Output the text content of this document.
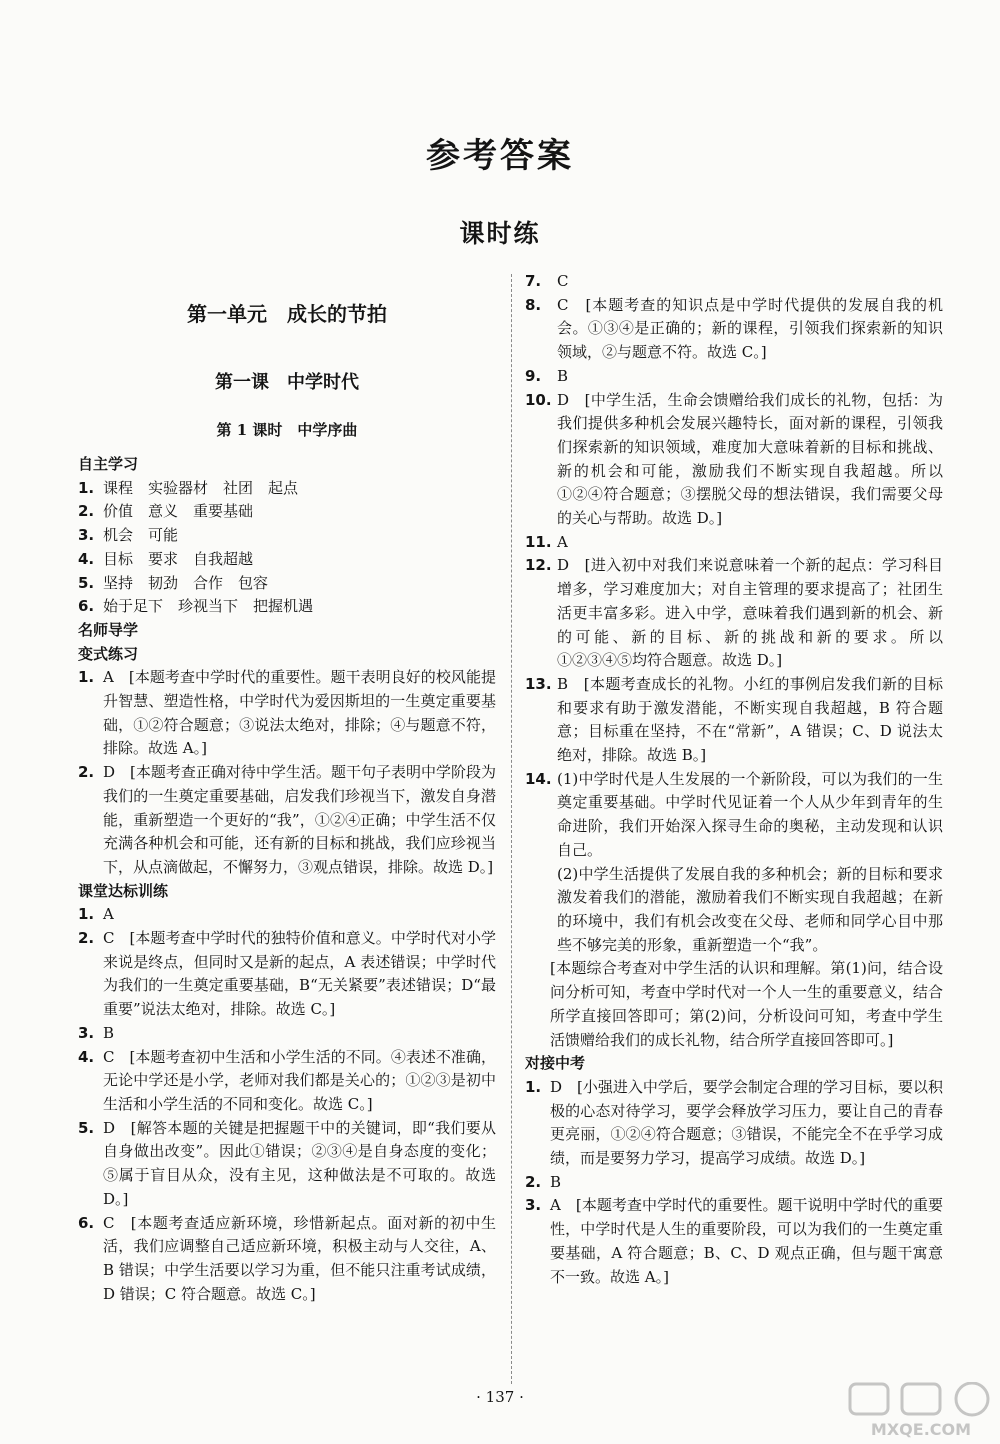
参考答案
课时练
第一单元　成长的节拍
第一课　中学时代
第 1 课时　中学序曲
自主学习
1. 课程　实验器材　社团　起点
2. 价值　意义　重要基础
3. 机会　可能
4. 目标　要求　自我超越
5. 坚持　韧劲　合作　包容
6. 始于足下　珍视当下　把握机遇
名师导学
变式练习
1. A　[本题考查中学时代的重要性。题干表明良好的校风能提升智慧、塑造性格，中学时代为爱因斯坦的一生奠定重要基础，①②符合题意；③说法太绝对，排除；④与题意不符，排除。故选 A。]
2. D　[本题考查正确对待中学生活。题干句子表明中学阶段为我们的一生奠定重要基础，启发我们珍视当下，激发自身潜能，重新塑造一个更好的“我”，①②④正确；中学生活不仅充满各种机会和可能，还有新的目标和挑战，我们应珍视当下，从点滴做起，不懈努力，③观点错误，排除。故选 D。]
课堂达标训练
1. A
2. C　[本题考查中学时代的独特价值和意义。中学时代对小学来说是终点，但同时又是新的起点，A 表述错误；中学时代为我们的一生奠定重要基础，B“无关紧要”表述错误；D“最重要”说法太绝对，排除。故选 C。]
3. B
4. C　[本题考查初中生活和小学生活的不同。④表述不准确，无论中学还是小学，老师对我们都是关心的；①②③是初中生活和小学生活的不同和变化。故选 C。]
5. D　[解答本题的关键是把握题干中的关键词，即“我们要从自身做出改变”。因此①错误；②③④是自身态度的变化；⑤属于盲目从众，没有主见，这种做法是不可取的。故选 D。]
6. C　[本题考查适应新环境，珍惜新起点。面对新的初中生活，我们应调整自己适应新环境，积极主动与人交往，A、B 错误；中学生活要以学习为重，但不能只注重考试成绩，D 错误；C 符合题意。故选 C。]
7. C
8. C　[本题考查的知识点是中学时代提供的发展自我的机会。①③④是正确的；新的课程，引领我们探索新的知识领域，②与题意不符。故选 C。]
9. B
10. D　[中学生活，生命会馈赠给我们成长的礼物，包括：为我们提供多种机会发展兴趣特长，面对新的课程，引领我们探索新的知识领域，难度加大意味着新的目标和挑战、新的机会和可能，激励我们不断实现自我超越。所以①②④符合题意；③摆脱父母的想法错误，我们需要父母的关心与帮助。故选 D。]
11. A
12. D　[进入初中对我们来说意味着一个新的起点：学习科目增多，学习难度加大；对自主管理的要求提高了；社团生活更丰富多彩。进入中学，意味着我们遇到新的机会、新的可能、新的目标、新的挑战和新的要求。所以①②③④⑤均符合题意。故选 D。]
13. B　[本题考查成长的礼物。小红的事例启发我们新的目标和要求有助于激发潜能，不断实现自我超越，B 符合题意；目标重在坚持，不在“常新”，A 错误；C、D 说法太绝对，排除。故选 B。]
14. (1)中学时代是人生发展的一个新阶段，可以为我们的一生奠定重要基础。中学时代见证着一个人从少年到青年的生命进阶，我们开始深入探寻生命的奥秘，主动发现和认识自己。
(2)中学生活提供了发展自我的多种机会；新的目标和要求激发着我们的潜能，激励着我们不断实现自我超越；在新的环境中，我们有机会改变在父母、老师和同学心目中那些不够完美的形象，重新塑造一个“我”。
[本题综合考查对中学生活的认识和理解。第(1)问，结合设问分析可知，考查中学时代对一个人一生的重要意义，结合所学直接回答即可；第(2)问，分析设问可知，考查中学生活馈赠给我们的成长礼物，结合所学直接回答即可。]
对接中考
1. D　[小强进入中学后，要学会制定合理的学习目标，要以积极的心态对待学习，要学会释放学习压力，要让自己的青春更亮丽，①②④符合题意；③错误，不能完全不在乎学习成绩，而是要努力学习，提高学习成绩。故选 D。]
2. B
3. A　[本题考查中学时代的重要性。题干说明中学时代的重要性，中学时代是人生的重要阶段，可以为我们的一生奠定重要基础，A 符合题意；B、C、D 观点正确，但与题干寓意不一致。故选 A。]
· 137 ·
MXQE.COM
